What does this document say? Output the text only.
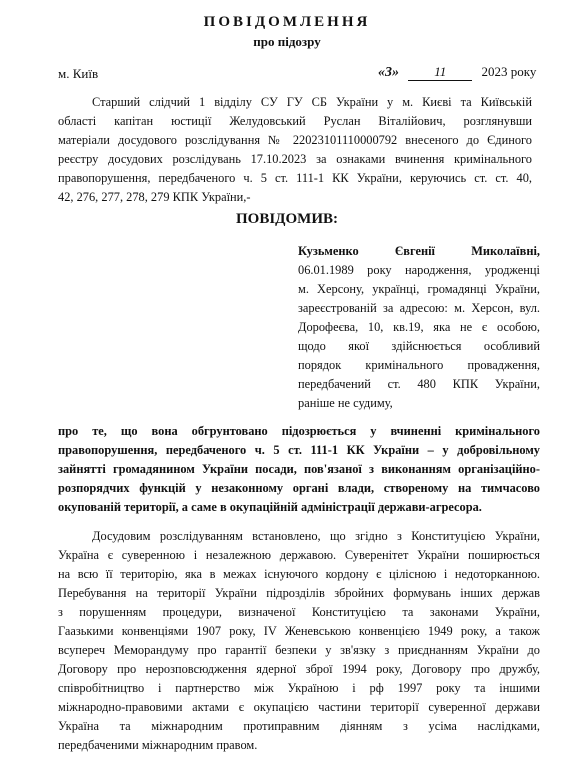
ПОВІДОМЛЕННЯ
про підозру
м. Київ	«3»	11	2023 року
Старший слідчий 1 відділу СУ ГУ СБ України у м. Києві та Київській
області капітан юстиції Желудовський Руслан Віталійович, розглянувши
матеріали досудового розслідування № 22023101110000792 внесеного до Єдиного
реєстру досудових розслідувань 17.10.2023 за ознаками вчинення кримінального
правопорушення, передбаченого ч. 5 ст. 111-1 КК України, керуючись ст. ст. 40,
42, 276, 277, 278, 279 КПК України,-
ПОВІДОМИВ:
Кузьменко Євгенії Миколаївні,
06.01.1989 року народження, уродженці
м. Херсону, українці, громадянці України,
зареєстрованій за адресою: м. Херсон, вул.
Дорофеєва, 10, кв.19, яка не є особою,
щодо якої здійснюється особливий
порядок кримінального провадження,
передбачений ст. 480 КПК України,
раніше не судиму,
про те, що вона обгрунтовано підозрюється у вчиненні кримінального
правопорушення, передбаченого ч. 5 ст. 111-1 КК України – у добровільному
зайнятті громадянином України посади, пов'язаної з виконанням організаційно-
розпорядчих функцій у незаконному органі влади, створеному на тимчасово
окупованій території, а саме в окупаційній адміністрації держави-агресора.
Досудовим розслідуванням встановлено, що згідно з Конституцією України,
Україна є суверенною і незалежною державою. Суверенітет України поширюється
на всю її територію, яка в межах існуючого кордону є цілісною і недоторканною.
Перебування на території України підрозділів збройних формувань інших держав
з порушенням процедури, визначеної Конституцією та законами України,
Гаазькими конвенціями 1907 року, IV Женевською конвенцією 1949 року, а також
всупереч Меморандуму про гарантії безпеки у зв'язку з приєднанням України до
Договору про нерозповсюдження ядерної зброї 1994 року, Договору про дружбу,
співробітництво і партнерство між Україною і рф 1997 року та іншими
міжнародно-правовими актами є окупацією частини території суверенної держави
Україна та міжнародним протиправним діянням з усіма наслідками,
передбаченими міжнародним правом.
